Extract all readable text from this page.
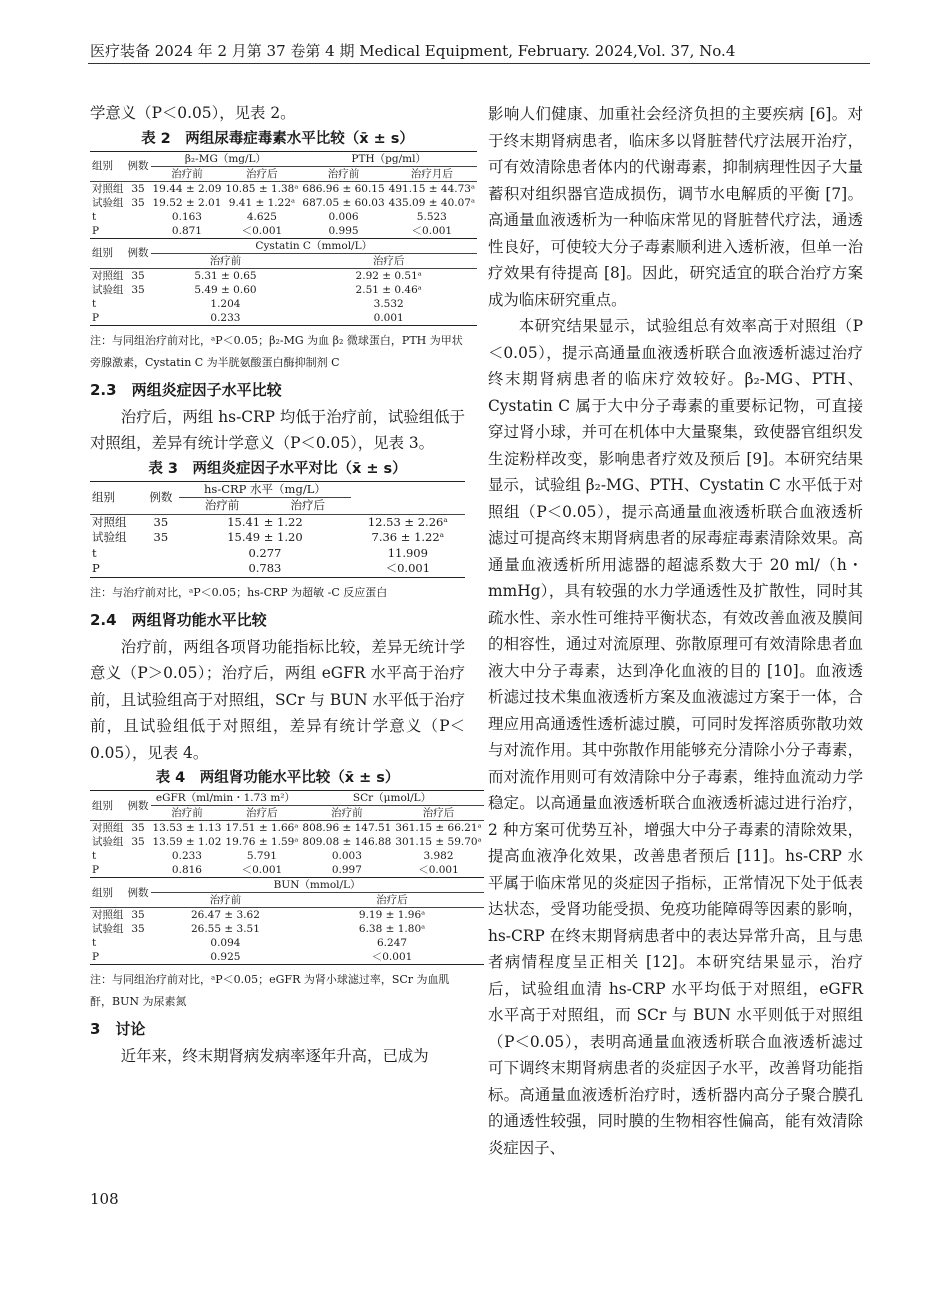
医疗装备 2024 年 2 月第 37 卷第 4 期 Medical Equipment, February. 2024,Vol. 37, No.4

学意义（P＜0.05），见表 2。

表 2　两组尿毒症毒素水平比较（x̄ ± s）
组别	例数	β₂-MG（mg/L）		PTH（pg/ml）	
		治疗前	治疗后	治疗前	治疗月后
对照组	35	19.44 ± 2.09	10.85 ± 1.38ᵃ	686.96 ± 60.15	491.15 ± 44.73ᵃ
试验组	35	19.52 ± 2.01	9.41 ± 1.22ᵃ	687.05 ± 60.03	435.09 ± 40.07ᵃ
t		0.163	4.625	0.006	5.523
P		0.871	＜0.001	0.995	＜0.001
组别	例数	Cystatin C（mmol/L）			
		治疗前		治疗后	
对照组	35	5.31 ± 0.65		2.92 ± 0.51ᵃ	
试验组	35	5.49 ± 0.60		2.51 ± 0.46ᵃ	
t		1.204		3.532	
P		0.233		0.001	
注：与同组治疗前对比，ᵃP＜0.05；β₂-MG 为血 β₂ 微球蛋白，PTH 为甲状旁腺激素，Cystatin C 为半胱氨酸蛋白酶抑制剂 C

2.3　两组炎症因子水平比较

治疗后，两组 hs-CRP 均低于治疗前，试验组低于对照组，差异有统计学意义（P＜0.05），见表 3。

表 3　两组炎症因子水平对比（x̄ ± s）
组别	例数	hs-CRP 水平（mg/L）		
		治疗前	治疗后	
对照组	35	15.41 ± 1.22		12.53 ± 2.26ᵃ
试验组	35	15.49 ± 1.20		7.36 ± 1.22ᵃ
t		0.277		11.909
P		0.783		＜0.001
注：与治疗前对比，ᵃP＜0.05；hs-CRP 为超敏 -C 反应蛋白

2.4　两组肾功能水平比较

治疗前，两组各项肾功能指标比较，差异无统计学意义（P＞0.05）；治疗后，两组 eGFR 水平高于治疗前，且试验组高于对照组，SCr 与 BUN 水平低于治疗前，且试验组低于对照组，差异有统计学意义（P＜0.05），见表 4。

表 4　两组肾功能水平比较（x̄ ± s）
组别	例数	eGFR（ml/min・1.73 m²）		SCr（μmol/L）	
		治疗前	治疗后	治疗前	治疗后
对照组	35	13.53 ± 1.13	17.51 ± 1.66ᵃ	808.96 ± 147.51	361.15 ± 66.21ᵃ
试验组	35	13.59 ± 1.02	19.76 ± 1.59ᵃ	809.08 ± 146.88	301.15 ± 59.70ᵃ
t		0.233	5.791	0.003	3.982
P		0.816	＜0.001	0.997	＜0.001
组别	例数	BUN（mmol/L）			
		治疗前		治疗后	
对照组	35	26.47 ± 3.62		9.19 ± 1.96ᵃ	
试验组	35	26.55 ± 3.51		6.38 ± 1.80ᵃ	
t		0.094		6.247	
P		0.925		＜0.001	
注：与同组治疗前对比，ᵃP＜0.05；eGFR 为肾小球滤过率，SCr 为血肌酐，BUN 为尿素氮

3　讨论

近年来，终末期肾病发病率逐年升高，已成为

影响人们健康、加重社会经济负担的主要疾病 [6]。对于终末期肾病患者，临床多以肾脏替代疗法展开治疗，可有效清除患者体内的代谢毒素，抑制病理性因子大量蓄积对组织器官造成损伤，调节水电解质的平衡 [7]。高通量血液透析为一种临床常见的肾脏替代疗法，通透性良好，可使较大分子毒素顺利进入透析液，但单一治疗效果有待提高 [8]。因此，研究适宜的联合治疗方案成为临床研究重点。

本研究结果显示，试验组总有效率高于对照组（P＜0.05），提示高通量血液透析联合血液透析滤过治疗终末期肾病患者的临床疗效较好。β₂-MG、PTH、Cystatin C 属于大中分子毒素的重要标记物，可直接穿过肾小球，并可在机体中大量聚集，致使器官组织发生淀粉样改变，影响患者疗效及预后 [9]。本研究结果显示，试验组 β₂-MG、PTH、Cystatin C 水平低于对照组（P＜0.05），提示高通量血液透析联合血液透析滤过可提高终末期肾病患者的尿毒症毒素清除效果。高通量血液透析所用滤器的超滤系数大于 20 ml/（h・mmHg），具有较强的水力学通透性及扩散性，同时其疏水性、亲水性可维持平衡状态，有效改善血液及膜间的相容性，通过对流原理、弥散原理可有效清除患者血液大中分子毒素，达到净化血液的目的 [10]。血液透析滤过技术集血液透析方案及血液滤过方案于一体，合理应用高通透性透析滤过膜，可同时发挥溶质弥散功效与对流作用。其中弥散作用能够充分清除小分子毒素，而对流作用则可有效清除中分子毒素，维持血流动力学稳定。以高通量血液透析联合血液透析滤过进行治疗，2 种方案可优势互补，增强大中分子毒素的清除效果，提高血液净化效果，改善患者预后 [11]。hs-CRP 水平属于临床常见的炎症因子指标，正常情况下处于低表达状态，受肾功能受损、免疫功能障碍等因素的影响，hs-CRP 在终末期肾病患者中的表达异常升高，且与患者病情程度呈正相关 [12]。本研究结果显示，治疗后，试验组血清 hs-CRP 水平均低于对照组，eGFR 水平高于对照组，而 SCr 与 BUN 水平则低于对照组（P＜0.05），表明高通量血液透析联合血液透析滤过可下调终末期肾病患者的炎症因子水平，改善肾功能指标。高通量血液透析治疗时，透析器内高分子聚合膜孔的通透性较强，同时膜的生物相容性偏高，能有效清除炎症因子、

108
